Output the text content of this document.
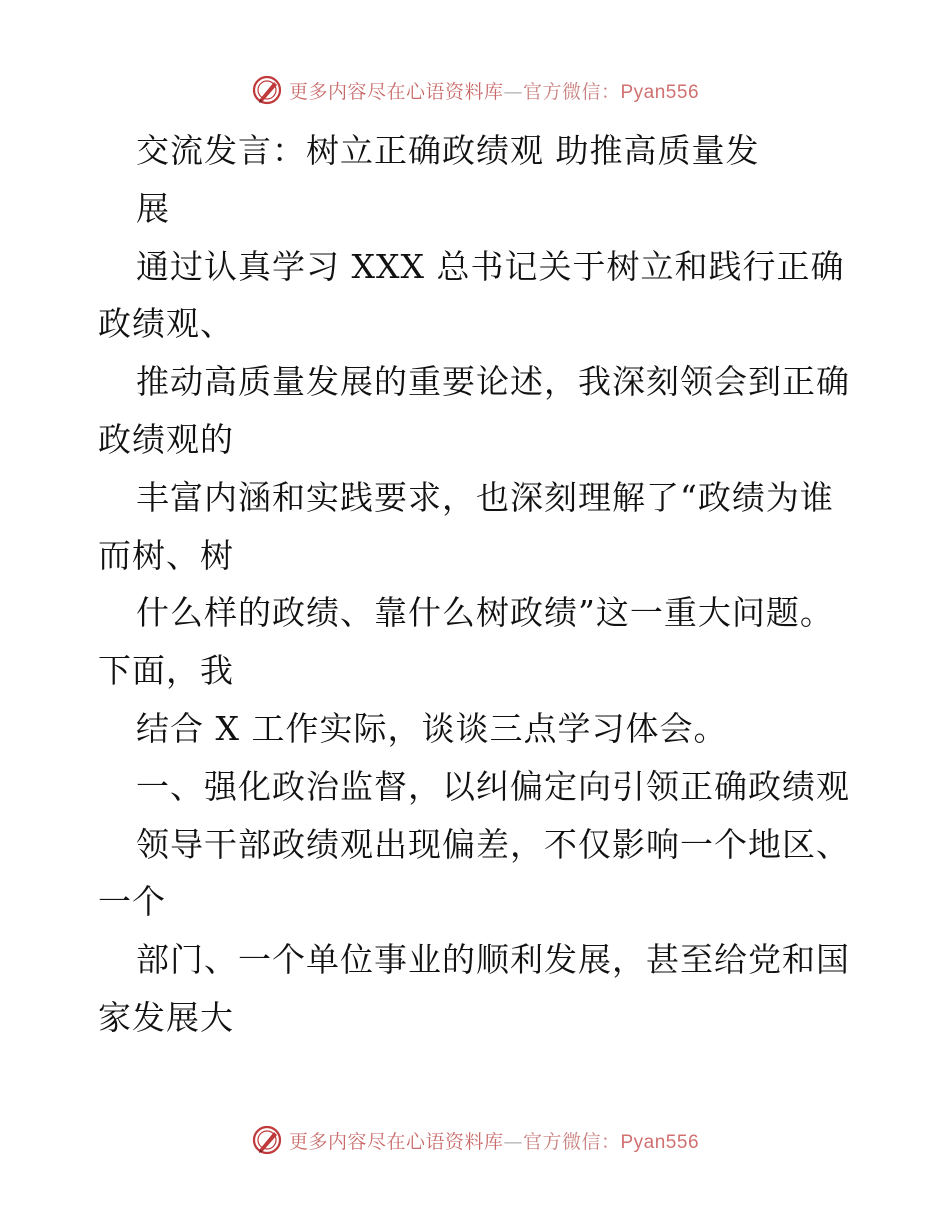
更多内容尽在心语资料库—官方微信：Pyan556
交流发言：树立正确政绩观 助推高质量发
展
通过认真学习 XXX 总书记关于树立和践行正确
政绩观、
推动高质量发展的重要论述，我深刻领会到正确
政绩观的
丰富内涵和实践要求，也深刻理解了“政绩为谁
而树、树
什么样的政绩、靠什么树政绩”这一重大问题。
下面，我
结合 X 工作实际，谈谈三点学习体会。
一、强化政治监督，以纠偏定向引领正确政绩观
领导干部政绩观出现偏差，不仅影响一个地区、
一个
部门、一个单位事业的顺利发展，甚至给党和国
家发展大
更多内容尽在心语资料库—官方微信：Pyan556
